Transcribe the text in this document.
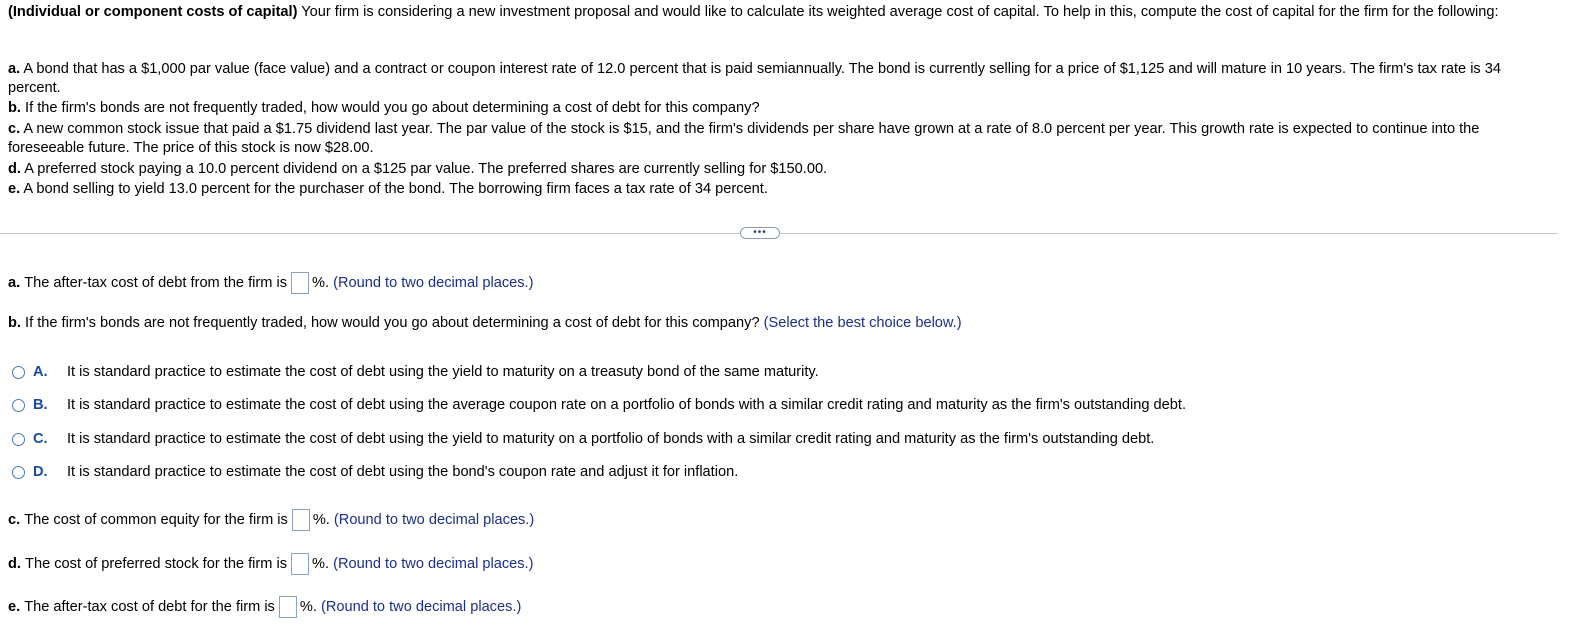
(Individual or component costs of capital) Your firm is considering a new investment proposal and would like to calculate its weighted average cost of capital. To help in this, compute the cost of capital for the firm for the following:
a. A bond that has a $1,000 par value (face value) and a contract or coupon interest rate of 12.0 percent that is paid semiannually. The bond is currently selling for a price of $1,125 and will mature in 10 years. The firm's tax rate is 34 percent.
b. If the firm's bonds are not frequently traded, how would you go about determining a cost of debt for this company?
c. A new common stock issue that paid a $1.75 dividend last year. The par value of the stock is $15, and the firm's dividends per share have grown at a rate of 8.0 percent per year. This growth rate is expected to continue into the foreseeable future. The price of this stock is now $28.00.
d. A preferred stock paying a 10.0 percent dividend on a $125 par value. The preferred shares are currently selling for $150.00.
e. A bond selling to yield 13.0 percent for the purchaser of the bond. The borrowing firm faces a tax rate of 34 percent.
•••
a.
The after-tax cost of debt from the firm is %.
(Round to two decimal places.)
b.
If the firm's bonds are not frequently traded, how would you go about determining a cost of debt for this company?
(Select the best choice below.)
A.	It is standard practice to estimate the cost of debt using the yield to maturity on a treasuty bond of the same maturity.
B.	It is standard practice to estimate the cost of debt using the average coupon rate on a portfolio of bonds with a similar credit rating and maturity as the firm's outstanding debt.
C.	It is standard practice to estimate the cost of debt using the yield to maturity on a portfolio of bonds with a similar credit rating and maturity as the firm's outstanding debt.
D.	It is standard practice to estimate the cost of debt using the bond's coupon rate and adjust it for inflation.
c.
The cost of common equity for the firm is %.
(Round to two decimal places.)
d.
The cost of preferred stock for the firm is %.
(Round to two decimal places.)
e.
The after-tax cost of debt for the firm is %.
(Round to two decimal places.)
